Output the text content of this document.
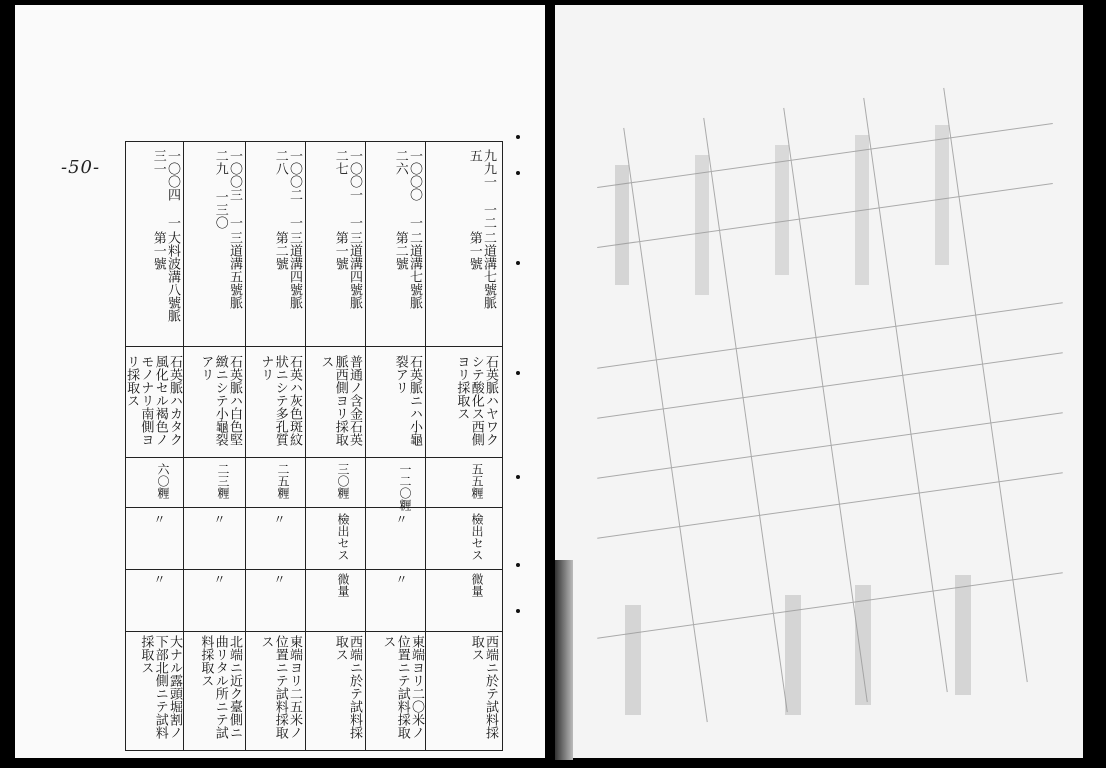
-50-	九九一 一二五
二道溝七號脈 第一號
石英脈ハヤワクシテ酸化ス西側ヨリ採取ス
五五糎
檢出セス
微量
西端ニ於テ試料採取ス
一〇〇〇 一二六
二道溝七號脈 第二號
石英脈ニハ小龜裂アリ
一二〇糎
〃
〃
東端ヨリ二〇米ノ位置ニテ試料採取ス
一〇〇一 一二七
三道溝四號脈 第一號
普通ノ含金石英脈西側ヨリ採取ス
三〇糎
檢出セス
微量
西端ニ於テ試料採取ス
一〇〇二 一二八
三道溝四號脈 第二號
石英ハ灰色斑紋狀ニシテ多孔質ナリ
二五糎
〃
〃
東端ヨリ二五米ノ位置ニテ試料採取ス
一〇〇三 一二九 一三〇
三道溝五號脈
石英脈ハ白色堅緻ニシテ小龜裂アリ
二三糎
〃
〃
北端ニ近ク臺側ニ曲リタル所ニテ試料採取ス
一〇〇四 一三一
大料波溝八號脈 第一號
石英脈ハカタク風化セル褐色ノモノナリ南側ヨリ採取ス
六〇糎
〃
〃
大ナル露頭堀割ノ下部北側ニテ試料採取ス
